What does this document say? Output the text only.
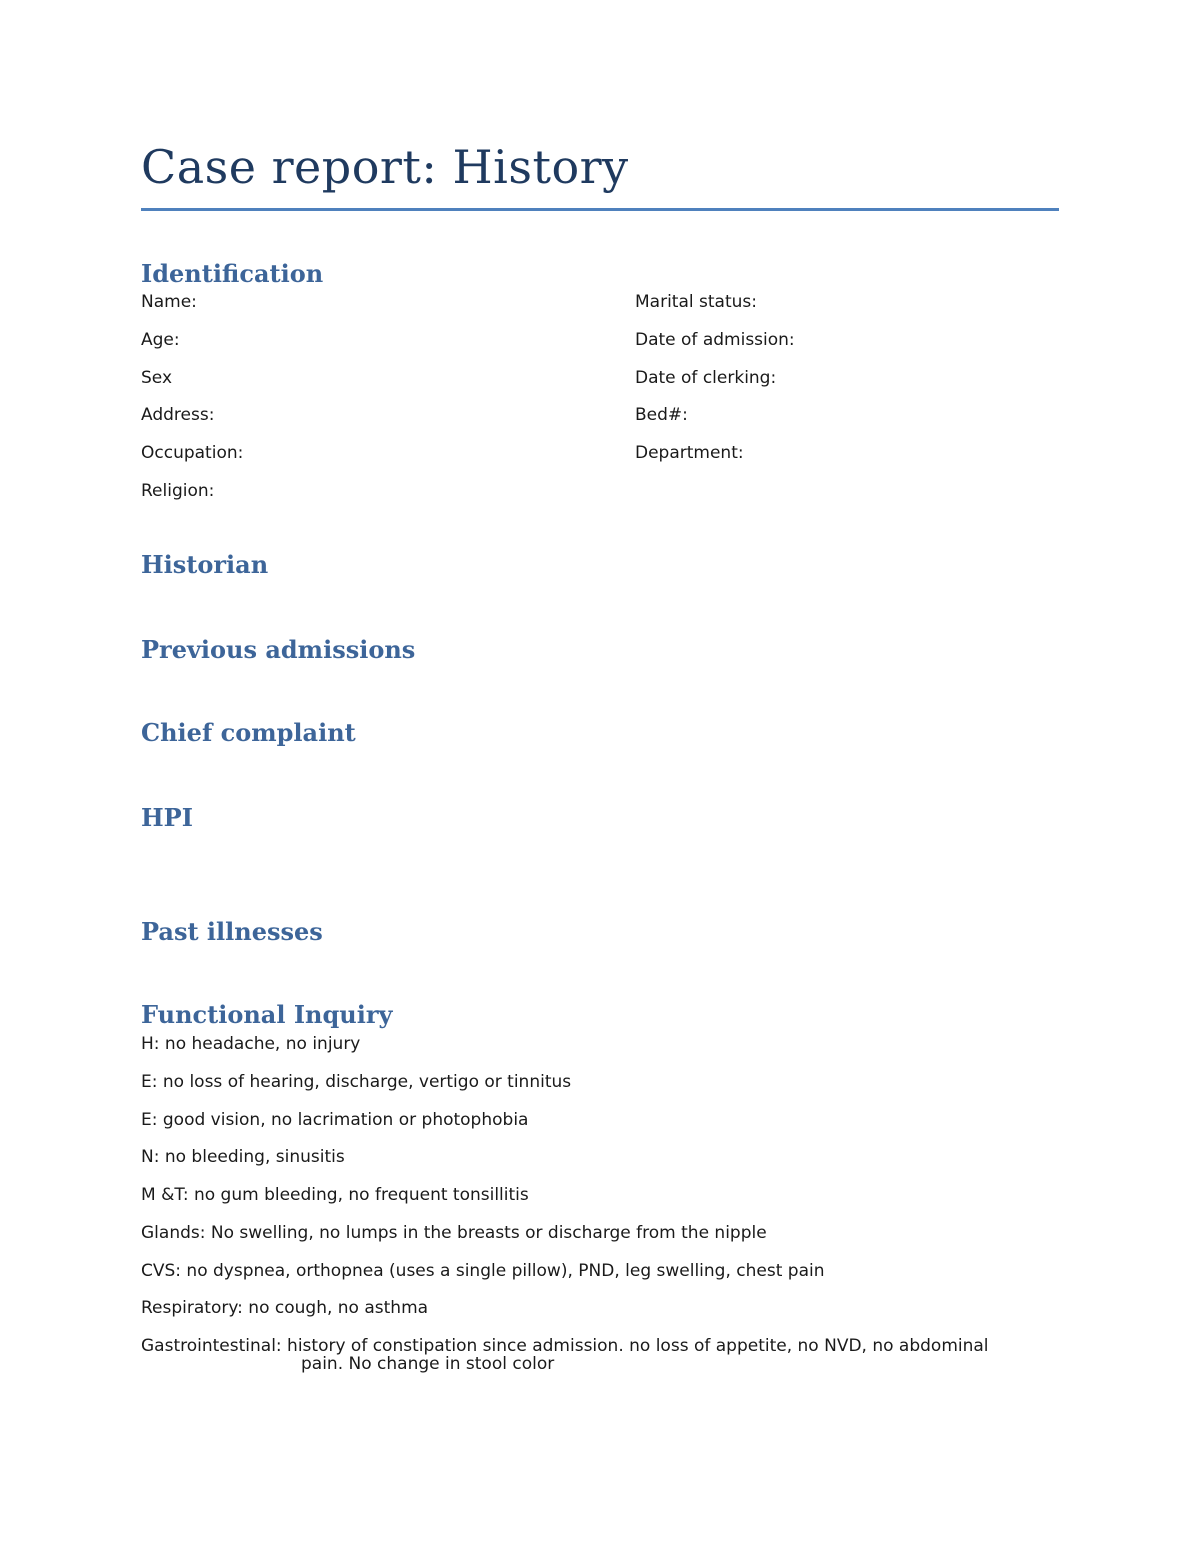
Case report: History
Identification
Name:
Age:
Sex
Address:
Occupation:
Religion:
Marital status:
Date of admission:
Date of clerking:
Bed#:
Department:
Historian
Previous admissions
Chief complaint
HPI
Past illnesses
Functional Inquiry
H: no headache, no injury
E: no loss of hearing, discharge, vertigo or tinnitus
E: good vision, no lacrimation or photophobia
N: no bleeding, sinusitis
M &T: no gum bleeding, no frequent tonsillitis
Glands: No swelling, no lumps in the breasts or discharge from the nipple
CVS: no dyspnea, orthopnea (uses a single pillow), PND, leg swelling, chest pain
Respiratory: no cough, no asthma
Gastrointestinal: history of constipation since admission. no loss of appetite, no NVD, no abdominal
pain. No change in stool color
